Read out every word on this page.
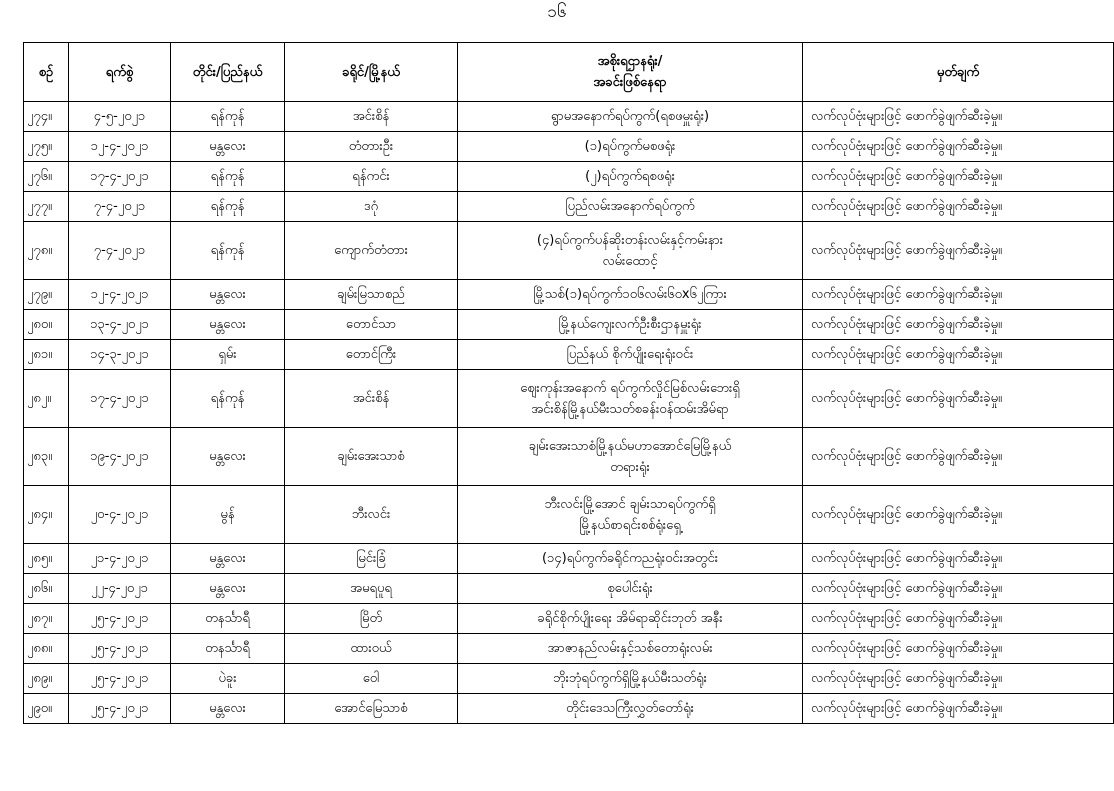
၁၆
စဉ်	ရက်စွဲ	တိုင်း/ပြည်နယ်	ခရိုင်/မြို့နယ်	အစိုးရဌာနရုံး/
အခင်းဖြစ်နေရာ	မှတ်ချက်
၂၇၄။	၄-၅-၂၀၂၁	ရန်ကုန်	အင်းစိန်	ရွာမအနောက်ရပ်ကွက်(ရစဖမှူးရုံး)	လက်လုပ်ဗုံးများဖြင့် ဖောက်ခွဲဖျက်ဆီးခဲ့မှု။
၂၇၅။	၁၂-၄-၂၀၂၁	မန္တလေး	တံတားဦး	(၁)ရပ်ကွက်မစဖရုံး	လက်လုပ်ဗုံးများဖြင့် ဖောက်ခွဲဖျက်ဆီးခဲ့မှု။
၂၇၆။	၁၇-၄-၂၀၂၁	ရန်ကုန်	ရန်ကင်း	(၂)ရပ်ကွက်ရစဖရုံး	လက်လုပ်ဗုံးများဖြင့် ဖောက်ခွဲဖျက်ဆီးခဲ့မှု။
၂၇၇။	၇-၄-၂၀၂၁	ရန်ကုန်	ဒဂုံ	ပြည်လမ်းအနောက်ရပ်ကွက်	လက်လုပ်ဗုံးများဖြင့် ဖောက်ခွဲဖျက်ဆီးခဲ့မှု။
၂၇၈။	၇-၄-၂၀၂၁	ရန်ကုန်	ကျောက်တံတား	(၄)ရပ်ကွက်ပန်ဆိုးတန်းလမ်းနှင့်ကမ်းနား
လမ်းထောင့်	လက်လုပ်ဗုံးများဖြင့် ဖောက်ခွဲဖျက်ဆီးခဲ့မှု။
၂၇၉။	၁၂-၄-၂၀၂၁	မန္တလေး	ချမ်းမြသာစည်	မြို့သစ်(၁)ရပ်ကွက်၁၀၆လမ်း၆၀x၆၂ကြား	လက်လုပ်ဗုံးများဖြင့် ဖောက်ခွဲဖျက်ဆီးခဲ့မှု။
၂၈၀။	၁၃-၄-၂၀၂၁	မန္တလေး	တောင်သာ	မြို့နယ်ကျေးလက်ဦးစီးဌာနမှူးရုံး	လက်လုပ်ဗုံးများဖြင့် ဖောက်ခွဲဖျက်ဆီးခဲ့မှု။
၂၈၁။	၁၄-၃-၂၀၂၁	ရှမ်း	တောင်ကြီး	ပြည်နယ် စိုက်ပျိုးရေးရုံးဝင်း	လက်လုပ်ဗုံးများဖြင့် ဖောက်ခွဲဖျက်ဆီးခဲ့မှု။
၂၈၂။	၁၇-၄-၂၀၂၁	ရန်ကုန်	အင်းစိန်	ဈေးကုန်းအနောက် ရပ်ကွက်လှိုင်မြစ်လမ်းဘေးရှိ
အင်းစိန်မြို့နယ်မီးသတ်စခန်းဝန်ထမ်းအိမ်ရာ	လက်လုပ်ဗုံးများဖြင့် ဖောက်ခွဲဖျက်ဆီးခဲ့မှု။
၂၈၃။	၁၉-၄-၂၀၂၁	မန္တလေး	ချမ်းအေးသာစံ	ချမ်းအေးသာစံမြို့နယ်မဟာအောင်မြေမြို့နယ်
တရားရုံး	လက်လုပ်ဗုံးများဖြင့် ဖောက်ခွဲဖျက်ဆီးခဲ့မှု။
၂၈၄။	၂၀-၄-၂၀၂၁	မွန်	ဘီးလင်း	ဘီးလင်းမြို့အောင် ချမ်းသာရပ်ကွက်ရှိ
မြို့နယ်စာရင်းစစ်ရုံးရှေ့	လက်လုပ်ဗုံးများဖြင့် ဖောက်ခွဲဖျက်ဆီးခဲ့မှု။
၂၈၅။	၂၁-၄-၂၀၂၁	မန္တလေး	မြင်းခြံ	(၁၄)ရပ်ကွက်ခရိုင်ကညရုံးဝင်းအတွင်း	လက်လုပ်ဗုံးများဖြင့် ဖောက်ခွဲဖျက်ဆီးခဲ့မှု။
၂၈၆။	၂၂-၄-၂၀၂၁	မန္တလေး	အမရပူရ	စုပေါင်းရုံး	လက်လုပ်ဗုံးများဖြင့် ဖောက်ခွဲဖျက်ဆီးခဲ့မှု။
၂၈၇။	၂၅-၄-၂၀၂၁	တနင်္သာရီ	မြိတ်	ခရိုင်စိုက်ပျိုးရေး အိမ်ရာဆိုင်းဘုတ် အနီး	လက်လုပ်ဗုံးများဖြင့် ဖောက်ခွဲဖျက်ဆီးခဲ့မှု။
၂၈၈။	၂၅-၄-၂၀၂၁	တနင်္သာရီ	ထားဝယ်	အာဇာနည်လမ်းနှင့်သစ်တောရုံးလမ်း	လက်လုပ်ဗုံးများဖြင့် ဖောက်ခွဲဖျက်ဆီးခဲ့မှု။
၂၈၉။	၂၅-၄-၂၀၂၁	ပဲခူး	ဝေါ	ဘိုးဘုံရပ်ကွက်ရှိမြို့နယ်မီးသတ်ရုံး	လက်လုပ်ဗုံးများဖြင့် ဖောက်ခွဲဖျက်ဆီးခဲ့မှု။
၂၉၀။	၂၅-၄-၂၀၂၁	မန္တလေး	အောင်မြေသာစံ	တိုင်းဒေသကြီးလွှတ်တော်ရုံး	လက်လုပ်ဗုံးများဖြင့် ဖောက်ခွဲဖျက်ဆီးခဲ့မှု။
